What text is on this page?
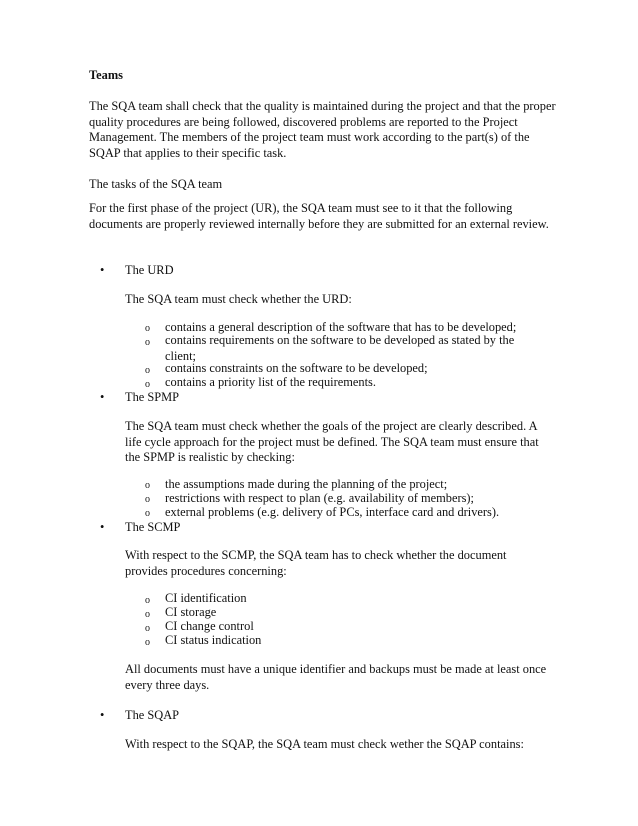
Teams

The SQA team shall check that the quality is maintained during the project and that the proper quality procedures are being followed, discovered problems are reported to the Project Management. The members of the project team must work according to the part(s) of the SQAP that applies to their specific task.

The tasks of the SQA team

For the first phase of the project (UR), the SQA team must see to it that the following documents are properly reviewed internally before they are submitted for an external review.

• The URD

The SQA team must check whether the URD:

o contains a general description of the software that has to be developed;

o contains requirements on the software to be developed as stated by the client;

o contains constraints on the software to be developed;

o contains a priority list of the requirements.

• The SPMP

The SQA team must check whether the goals of the project are clearly described. A life cycle approach for the project must be defined. The SQA team must ensure that the SPMP is realistic by checking:

o the assumptions made during the planning of the project;

o restrictions with respect to plan (e.g. availability of members);

o external problems (e.g. delivery of PCs, interface card and drivers).

• The SCMP

With respect to the SCMP, the SQA team has to check whether the document provides procedures concerning:

o CI identification

o CI storage

o CI change control

o CI status indication

All documents must have a unique identifier and backups must be made at least once every three days.

• The SQAP

With respect to the SQAP, the SQA team must check wether the SQAP contains:
